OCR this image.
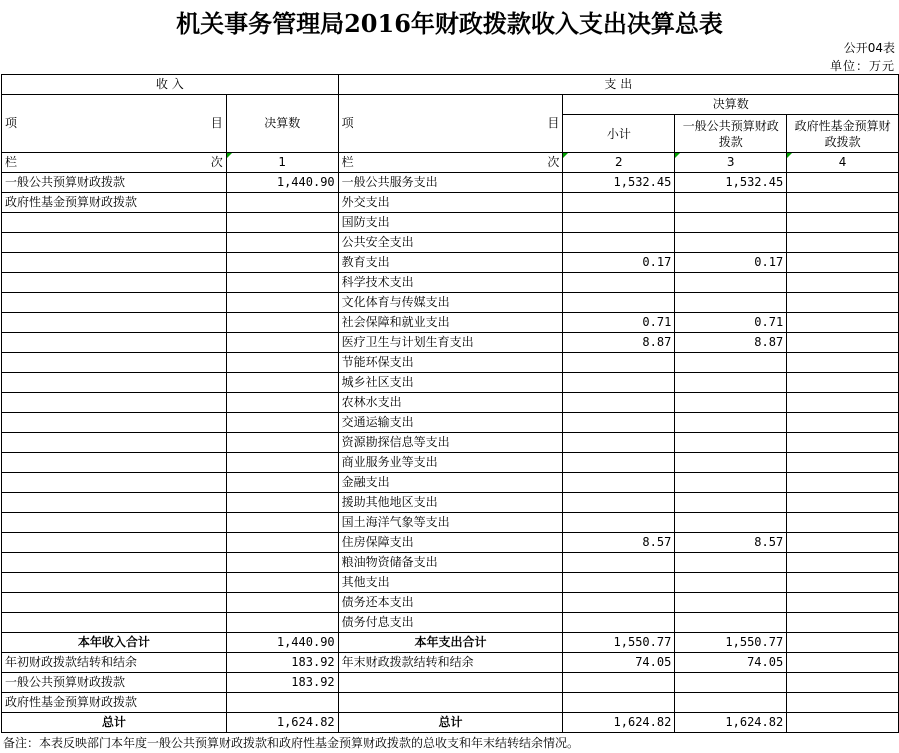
机关事务管理局2016年财政拨款收入支出决算总表
公开04表
单位：万元
收 入		支 出			

项 目	决算数	项 目	决算数		
			小计	一般公共预算财政拨款	政府性基金预算财政拨款

栏 次	1	栏 次	2	3	4
一般公共预算财政拨款	1,440.90	一般公共服务支出	1,532.45	1,532.45	
政府性基金预算财政拨款		外交支出			
		国防支出			
		公共安全支出			
		教育支出	0.17	0.17	
		科学技术支出			
		文化体育与传媒支出			
		社会保障和就业支出	0.71	0.71	
		医疗卫生与计划生育支出	8.87	8.87	
		节能环保支出			
		城乡社区支出			
		农林水支出			
		交通运输支出			
		资源勘探信息等支出			
		商业服务业等支出			
		金融支出			
		援助其他地区支出			
		国土海洋气象等支出			
		住房保障支出	8.57	8.57	
		粮油物资储备支出			
		其他支出			
		债务还本支出			
		债务付息支出			
本年收入合计	1,440.90	本年支出合计	1,550.77	1,550.77	
年初财政拨款结转和结余	183.92	年末财政拨款结转和结余	74.05	74.05	
一般公共预算财政拨款	183.92				
政府性基金预算财政拨款					
总计	1,624.82	总计	1,624.82	1,624.82	
备注：本表反映部门本年度一般公共预算财政拨款和政府性基金预算财政拨款的总收支和年末结转结余情况。
